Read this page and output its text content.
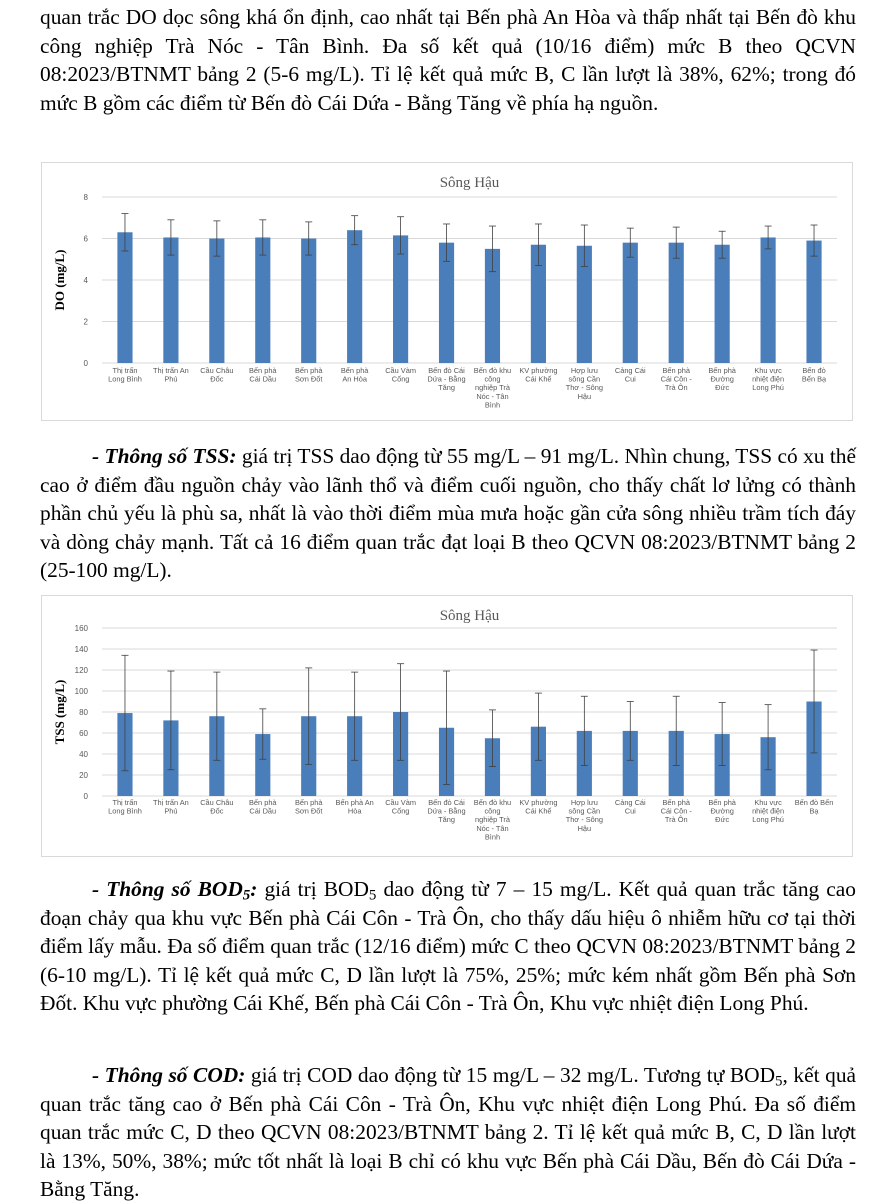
quan trắc DO dọc sông khá ổn định, cao nhất tại Bến phà An Hòa và thấp nhất tại Bến đò khu công nghiệp Trà Nóc - Tân Bình. Đa số kết quả (10/16 điểm) mức B theo QCVN 08:2023/BTNMT bảng 2 (5-6 mg/L). Tỉ lệ kết quả mức B, C lần lượt là 38%, 62%; trong đó mức B gồm các điểm từ Bến đò Cái Dứa - Bằng Tăng về phía hạ nguồn.

Sông Hậu
DO (mg/L)
0
2
4
6
8
Thị trấn
Long Bình
Thị trấn An
Phú
Cầu Châu
Đốc
Bến phà
Cái Dầu
Bến phà
Sơn Đốt
Bến phà
An Hòa
Cầu Vàm
Cống
Bến đò Cái
Dứa - Bằng
Tăng
Bến đò khu
công
nghiệp Trà
Nóc - Tân
Bình
KV phường
Cái Khế
Hợp lưu
sông Cần
Thơ - Sông
Hậu
Cảng Cái
Cui
Bến phà
Cái Côn -
Trà Ôn
Bến phà
Đường
Đức
Khu vực
nhiệt điện
Long Phú
Bến đò
Bến Bạ

- Thông số TSS: giá trị TSS dao động từ 55 mg/L – 91 mg/L. Nhìn chung, TSS có xu thế cao ở điểm đầu nguồn chảy vào lãnh thổ và điểm cuối nguồn, cho thấy chất lơ lửng có thành phần chủ yếu là phù sa, nhất là vào thời điểm mùa mưa hoặc gần cửa sông nhiều trầm tích đáy và dòng chảy mạnh. Tất cả 16 điểm quan trắc đạt loại B theo QCVN 08:2023/BTNMT bảng 2 (25-100 mg/L).

Sông Hậu
TSS (mg/L)
0
20
40
60
80
100
120
140
160
Thị trấn
Long Bình
Thị trấn An
Phú
Cầu Châu
Đốc
Bến phà
Cái Dầu
Bến phà
Sơn Đốt
Bến phà An
Hòa
Cầu Vàm
Cống
Bến đò Cái
Dứa - Bằng
Tăng
Bến đò khu
công
nghiệp Trà
Nóc - Tân
Bình
KV phường
Cái Khế
Hợp lưu
sông Cần
Thơ - Sông
Hậu
Cảng Cái
Cui
Bến phà
Cái Côn -
Trà Ôn
Bến phà
Đường
Đức
Khu vực
nhiệt điện
Long Phú
Bến đò Bến
Bạ

- Thông số $BOD_5$: giá trị $BOD_5$ dao động từ 7 – 15 mg/L. Kết quả quan trắc tăng cao đoạn chảy qua khu vực Bến phà Cái Côn - Trà Ôn, cho thấy dấu hiệu ô nhiễm hữu cơ tại thời điểm lấy mẫu. Đa số điểm quan trắc (12/16 điểm) mức C theo QCVN 08:2023/BTNMT bảng 2 (6-10 mg/L). Tỉ lệ kết quả mức C, D lần lượt là 75%, 25%; mức kém nhất gồm Bến phà Sơn Đốt. Khu vực phường Cái Khế, Bến phà Cái Côn - Trà Ôn, Khu vực nhiệt điện Long Phú.

- Thông số COD: giá trị COD dao động từ 15 mg/L – 32 mg/L. Tương tự $BOD_5$, kết quả quan trắc tăng cao ở Bến phà Cái Côn - Trà Ôn, Khu vực nhiệt điện Long Phú. Đa số điểm quan trắc mức C, D theo QCVN 08:2023/BTNMT bảng 2. Tỉ lệ kết quả mức B, C, D lần lượt là 13%, 50%, 38%; mức tốt nhất là loại B chỉ có khu vực Bến phà Cái Dầu, Bến đò Cái Dứa - Bằng Tăng.
